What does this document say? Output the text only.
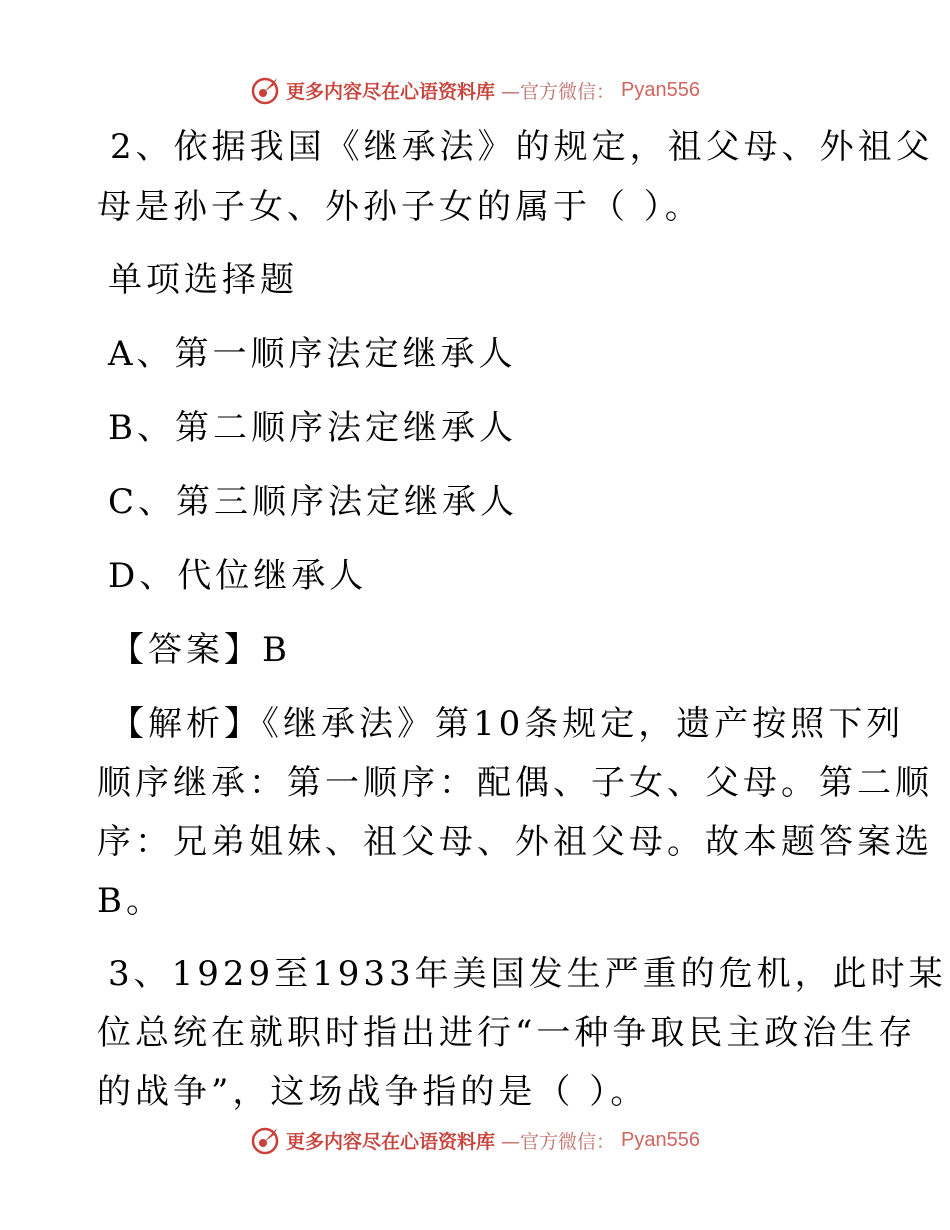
更多内容尽在心语资料库 —官方微信： Pyan556
2、依据我国《继承法》的规定，祖父母、外祖父
母是孙子女、外孙子女的属于（ ）。
单项选择题
A、第一顺序法定继承人
B、第二顺序法定继承人
C、第三顺序法定继承人
D、代位继承人
【答案】B
【解析】《继承法》第10条规定，遗产按照下列
顺序继承：第一顺序：配偶、子女、父母。第二顺
序：兄弟姐妹、祖父母、外祖父母。故本题答案选
B。
3、1929至1933年美国发生严重的危机，此时某
位总统在就职时指出进行“一种争取民主政治生存
的战争”，这场战争指的是（ ）。
更多内容尽在心语资料库 —官方微信： Pyan556
